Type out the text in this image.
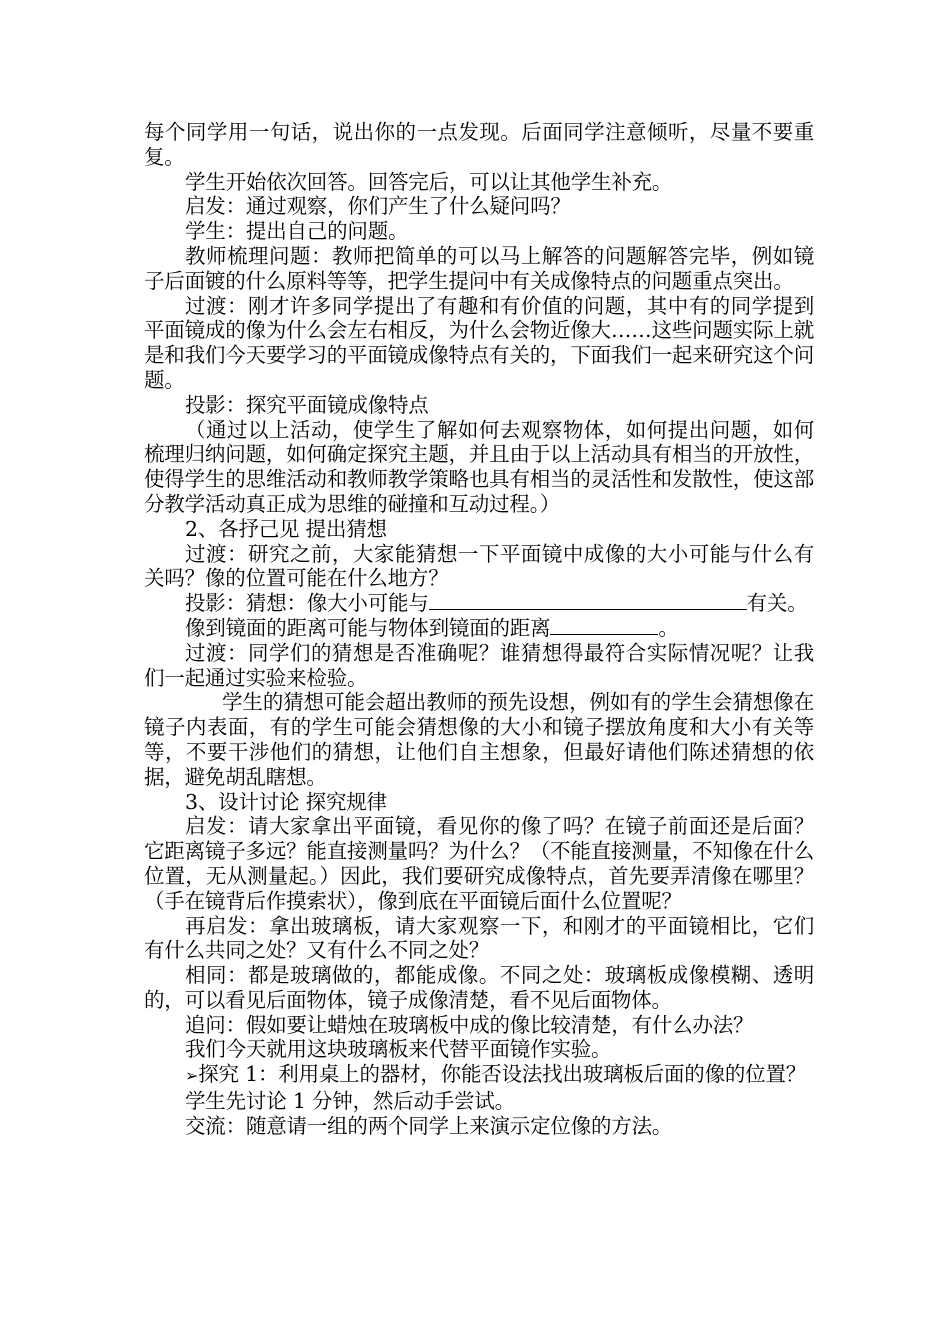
每个同学用一句话，说出你的一点发现。后面同学注意倾听，尽量不要重复。

学生开始依次回答。回答完后，可以让其他学生补充。

启发：通过观察，你们产生了什么疑问吗？

学生：提出自己的问题。

教师梳理问题：教师把简单的可以马上解答的问题解答完毕，例如镜子后面镀的什么原料等等，把学生提问中有关成像特点的问题重点突出。

过渡：刚才许多同学提出了有趣和有价值的问题，其中有的同学提到平面镜成的像为什么会左右相反，为什么会物近像大……这些问题实际上就是和我们今天要学习的平面镜成像特点有关的，下面我们一起来研究这个问题。

投影：探究平面镜成像特点

（通过以上活动，使学生了解如何去观察物体，如何提出问题，如何梳理归纳问题，如何确定探究主题，并且由于以上活动具有相当的开放性，使得学生的思维活动和教师教学策略也具有相当的灵活性和发散性，使这部分教学活动真正成为思维的碰撞和互动过程。）

2、各抒己见 提出猜想

过渡：研究之前，大家能猜想一下平面镜中成像的大小可能与什么有关吗？像的位置可能在什么地方？

投影：猜想：像大小可能与	有关。

像到镜面的距离可能与物体到镜面的距离	。

过渡：同学们的猜想是否准确呢？谁猜想得最符合实际情况呢？让我们一起通过实验来检验。

学生的猜想可能会超出教师的预先设想，例如有的学生会猜想像在镜子内表面，有的学生可能会猜想像的大小和镜子摆放角度和大小有关等等，不要干涉他们的猜想，让他们自主想象，但最好请他们陈述猜想的依据，避免胡乱瞎想。

3、设计讨论 探究规律

启发：请大家拿出平面镜，看见你的像了吗？在镜子前面还是后面？它距离镜子多远？能直接测量吗？为什么？（不能直接测量，不知像在什么位置，无从测量起。）因此，我们要研究成像特点，首先要弄清像在哪里？（手在镜背后作摸索状），像到底在平面镜后面什么位置呢？

再启发：拿出玻璃板，请大家观察一下，和刚才的平面镜相比，它们有什么共同之处？又有什么不同之处？

相同：都是玻璃做的，都能成像。不同之处：玻璃板成像模糊、透明的，可以看见后面物体，镜子成像清楚，看不见后面物体。

追问：假如要让蜡烛在玻璃板中成的像比较清楚，有什么办法？

我们今天就用这块玻璃板来代替平面镜作实验。

➢探究 1：利用桌上的器材，你能否设法找出玻璃板后面的像的位置？

学生先讨论 1 分钟，然后动手尝试。

交流：随意请一组的两个同学上来演示定位像的方法。
